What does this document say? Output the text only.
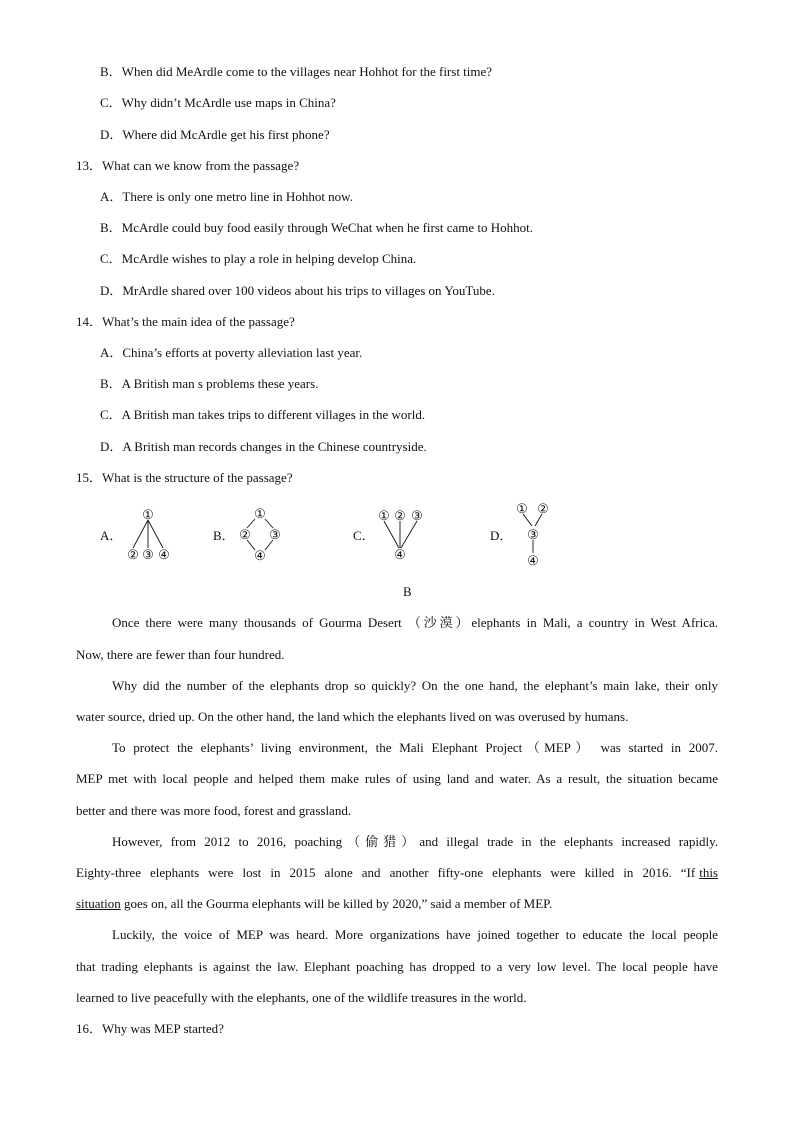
B．When did MeArdle come to the villages near Hohhot for the first time?
C．Why didn’t McArdle use maps in China?
D．Where did McArdle get his first phone?
13．What can we know from the passage?
A．There is only one metro line in Hohhot now.
B．McArdle could buy food easily through WeChat when he first came to Hohhot.
C．McArdle wishes to play a role in helping develop China.
D．MrArdle shared over 100 videos about his trips to villages on YouTube.
14．What’s the main idea of the passage?
A．China’s efforts at poverty alleviation last year.
B．A British man s problems these years.
C．A British man takes trips to different villages in the world.
D．A British man records changes in the Chinese countryside.
15．What is the structure of the passage?
A．	B．	C．	D．
①
② ③ ④
①
② ③
④
① ② ③
④
① ②
③
④
B
Once there were many thousands of Gourma Desert （沙漠）elephants in Mali, a country in West Africa.
Now, there are fewer than four hundred.
Why did the number of the elephants drop so quickly? On the one hand, the elephant’s main lake, their only
water source, dried up. On the other hand, the land which the elephants lived on was overused by humans.
To protect the elephants’ living environment, the Mali Elephant Project（MEP） was started in 2007.
MEP met with local people and helped them make rules of using land and water. As a result, the situation became
better and there was more food, forest and grassland.
However, from 2012 to 2016, poaching（偷猎）and illegal trade in the elephants increased rapidly.
Eighty-three elephants were lost in 2015 alone and another fifty-one elephants were killed in 2016. “If this
situation goes on, all the Gourma elephants will be killed by 2020,” said a member of MEP.
Luckily, the voice of MEP was heard. More organizations have joined together to educate the local people
that trading elephants is against the law. Elephant poaching has dropped to a very low level. The local people have
learned to live peacefully with the elephants, one of the wildlife treasures in the world.
16．Why was MEP started?
